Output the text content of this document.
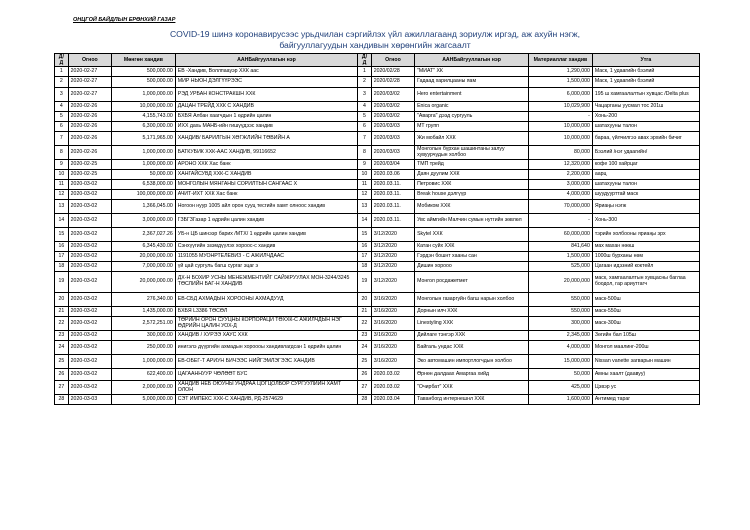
ОНЦГОЙ БАЙДЛЫН ЕРӨНХИЙ ГАЗАР
COVID-19 шинэ коронавирусээс урьдчилан сэргийлэх үйл ажиллагаанд зориулж иргэд, аж ахуйн нэгж,
байгууллагуудын хандивын хөрөнгийн жагсаалт
Д/Д	Огноо	Мөнгөн хандив	ААНБайгууллагын нэр	Д/Д	Огноо	ААНБайгууллагын нэр	Материаллаг хандив	Утга
1	2020-02-27	500,000.00	ЕВ -Хандив, Воллпаауэр ХХК аас	1	2020/02/28	"МИАТ" ХК	1,290,000	Маск, 1 удаагийн бээлий
2	2020-02-27	500,000.00	МИР НЬЮН ДЭЛГҮҮРЭЭС	2	2020/02/28	Гадаад харилцааны яам	1,500,000	Маск, 1 удаагийн бээлий
3	2020-02-27	1,000,000.00	РЭД УРБАН КОНСТРАКШН ХХК	3	2020/03/02	Hero entertainment	6,000,000	195 ш хамгаалалтын хувцас /Delta plus
4	2020-02-26	10,000,000.00	ДАЦАН ТРЕЙД ХХК С ХАНДИВ	4	2020/03/02	Enica organic	10,029,900	Чацарганы уусмал тос 201ш
5	2020-02-26	4,155,743.00	БХБЯ Албан хаагчдын 1 өдрийн цалин	5	2020/03/02	"Аваргa" дээд сургууль	-	Хонь-200
6	2020-02-26	6,300,000.00	ИХХ дахь МАНБ-ийн гишүүдээс хандив	6	2020/03/03	МТ групп	10,000,000	шатахууны талон
7	2020-02-26	5,171,965.00	ХАНДИВ/ БАРИЛГЫН ХӨГЖЛИЙН ТӨВИЙН А	7	2020/03/03	Жи мобайл ХХК	10,000,000	бараа, үйлчилгээ авах эрхийн бичиг
8	2020-02-26	1,000,000.00	БАТКУБИК ХХК-ААС ХАНДИВ, 99116652	8	2020/03/03	Монголын бүрхан шашинтаны залуу хувуурчудын холбоо	80,000	Бээлий /нэг удаагийн/
9	2020-02-25	1,000,000.00	АРОНО ХХК Хас банк	9	2020/03/04	ТМП трейд	12,320,000	кофе 100 хайрцаг
10	2020-02-25	50,000.00	ХАНГАЙСУВД ХХК-С ХАНДИВ	10	2020.03.06	Даян дуулим ХХК	2,200,000	аарц
11	2020-03-02	6,538,000.00	МОНГОЛЫН МЯНГАНЫ СОРИЛТЫН САНГААС Х	11	2020.03.11.	Петровис ХХК	3,000,000	шатахууны талон
12	2020-03-02	100,000,000.00	АЧИТ-ИХТ ХХК Хас банк	12	2020.03.11.	Break house дэлгүүр	4,000,000	шуудуурттай маск
13	2020-03-02	1,366,045.00	Ногоон нуур 1005 айл орон сууц тесгийн хамт олноос хандив	13	2020.03.11.	Мобиком ХХК	70,000,000	Яриаңы нэгж
14	2020-03-02	3,000,000.00	ГЗБГЗГазар 1 өдрийн цалин хандив	14	2020.03.11.	Увс аймгийн Малчин сумын нутгийн зөвлөл	-	Хонь-300
15	2020-03-02	2,367,027.26	УБ-н ЦБ шинээр барих /МТХ/ 1 өдрийн цалин хандив	15	3/12/2020	Skytel ХХК	60,000,000	тэрийн холбооны яриаңы эрх
16	2020-03-02	6,345,430.00	Сэнхүүгийн эзэмдүүлэх хороос-с хандив	16	3/12/2020	Катан суйх ХХК	841,640	маx махан нөөш
17	2020-03-02	20,000,000.00	1191055 МУОНРТЕЛЕВИЗ - С АЖИЛЧДААС	17	3/12/2020	Гэрдэн бошнт хааны сан	1,500,000	1000ш бурханы нөм
18	2020-03-02	7,000,000.00	үй цай сургуль багш сургаг эцаг э	18	3/12/2020	Дишин хорооо	525,000	Цагаан идэзний коктейл
19	2020-03-02	20,000,000.00	ДХ-Н БОХИР УСНЫ МЕНЕЖМЕНТИЙГ САЙЖРУУЛАХ МОН-3244/3245 ТӨСЛИЙН БАГ-Н ХАНДИВ	19	3/12/2020	Монгол росдажетмет	20,000,000	маск, хамгаалалтын хувцасны баглаа боодол, гар ариутгагч
20	2020-03-02	276,340.00	ЕВ-СБД АХМАДЫН ХОРООНЫ АХМАДУУД	20	3/16/2020	Монголын газаргуйн багш нарын холбоо	550,000	маск-500ш
21	2020-03-02	1,435,000.00	БХБЯ L3386 ТӨСӨЛ	21	3/16/2020	Дорнын илч ХХК	550,000	маск-550ш
22	2020-03-02	2,572,251.00	ТӨРИЙН ОРОН СУУЦНЫ КОРПОРАЦИ ТӨХХК-С АЖИЛЧДЫН НЭГ ӨДРИЙН ЦАЛИН УОХ-Д	22	3/16/2020	Linestyling ХХК	300,000	маск-300ш
23	2020-03-02	300,000.00	ХАНДИВ / ХУРЭЭ ХАУС ХХК	23	3/16/2020	Дийлаге тэнгэр ХХК	2,345,000	Зөгийн бал 105ш
24	2020-03-02	250,000.00	инигэлэ дүүргийн ахмадын хороооы хандивлагдсан 1 өдрийн цалин	24	3/16/2020	Байгаль ундас ХХК	4,000,000	Монгол маалинг-200ш
25	2020-03-02	1,000,000.00	ЕВ-ОБЕГ-Т АРИУН БИЧЭЭС НИЙГЭМЛЭГЭЭС ХАНДИВ	25	3/16/2020	Эко автомашин импортлогчдын холбоо	15,000,000	Nissan vanette загварын машин
26	2020-03-02	622,400.00	ЦАГААННУУР ЧӨЛӨӨТ БУС	26	2020.03.02	Өрнөн далдаах Амаргаа хийд	50,000	Амны хаалт (даавуу)
27	2020-03-02	2,000,000.00	ХАНДИВ НЕБ ОЮУНЫ УНДРАА ЦОГЦОЛБОР СУРГУУЛИЙН ХАМТ ОЛОН	27	2020.03.02	"Очирбат" ХХК	425,000	Цэвэр ус
28	2020-03-03	5,000,000.00	СЭТ ИМПЕКС ХХК-С ХАНДИВ, РД-2574629	28	2020.03.04	Таванбогд интернешнл ХХК	1,600,000	Антимед тараг
